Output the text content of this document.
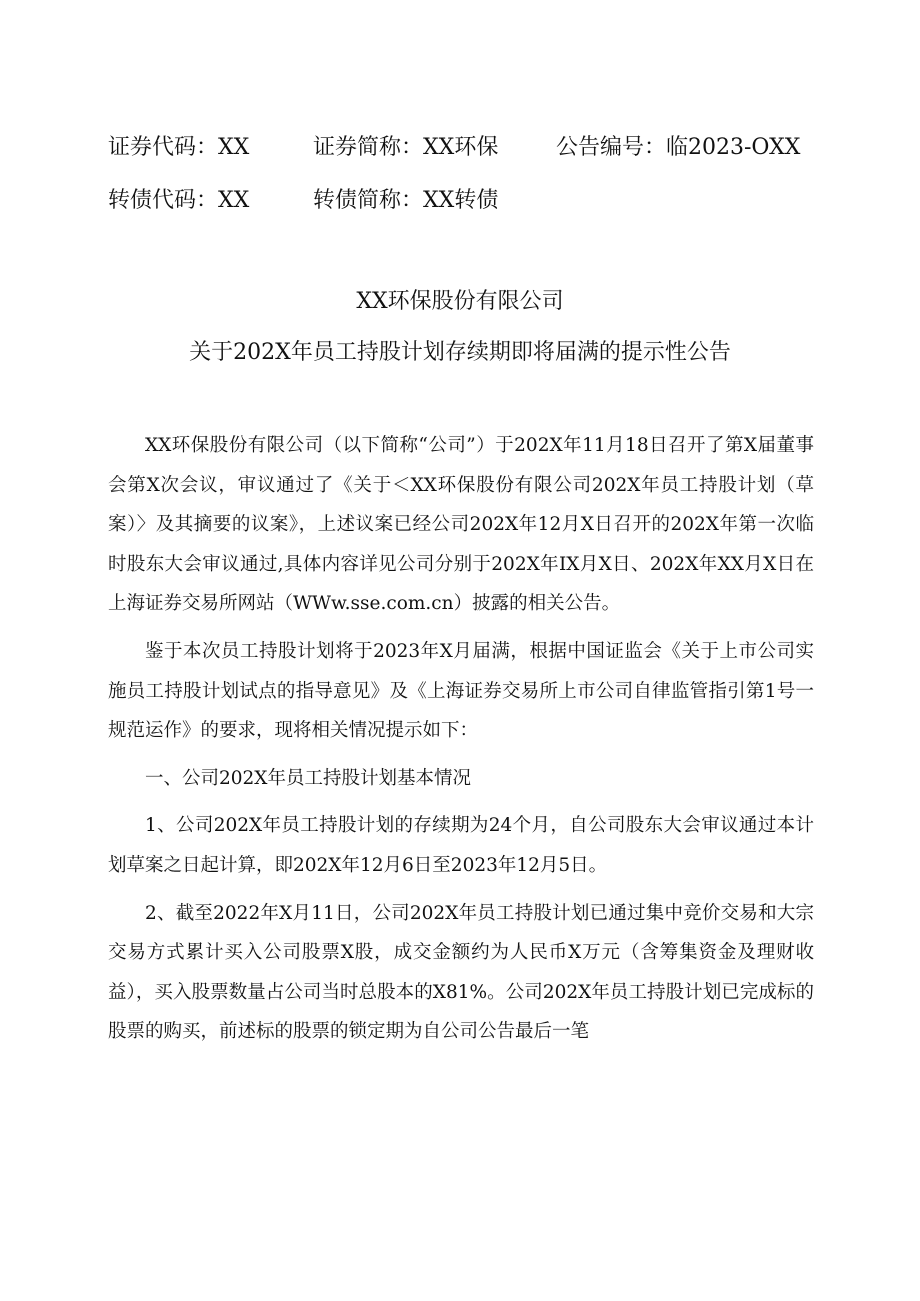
证券代码：XX	证券简称：XX环保	公告编号：临2023-OXX
转债代码：XX	转债简称：XX转债
XX环保股份有限公司
关于202X年员工持股计划存续期即将届满的提示性公告

XX环保股份有限公司（以下简称“公司”）于202X年11月18日召开了第X届董事会第X次会议，审议通过了《关于＜XX环保股份有限公司202X年员工持股计划（草案）〉及其摘要的议案》，上述议案已经公司202X年12月X日召开的202X年第一次临时股东大会审议通过,具体内容详见公司分别于202X年IX月X日、202X年XX月X日在上海证券交易所网站（WWw.sse.com.cn）披露的相关公告。

鉴于本次员工持股计划将于2023年X月届满，根据中国证监会《关于上市公司实施员工持股计划试点的指导意见》及《上海证券交易所上市公司自律监管指引第1号一规范运作》的要求，现将相关情况提示如下：

一、公司202X年员工持股计划基本情况

1、公司202X年员工持股计划的存续期为24个月，自公司股东大会审议通过本计划草案之日起计算，即202X年12月6日至2023年12月5日。

2、截至2022年X月11日，公司202X年员工持股计划已通过集中竞价交易和大宗交易方式累计买入公司股票X股，成交金额约为人民币X万元（含筹集资金及理财收益），买入股票数量占公司当时总股本的X81%。公司202X年员工持股计划已完成标的股票的购买，前述标的股票的锁定期为自公司公告最后一笔
